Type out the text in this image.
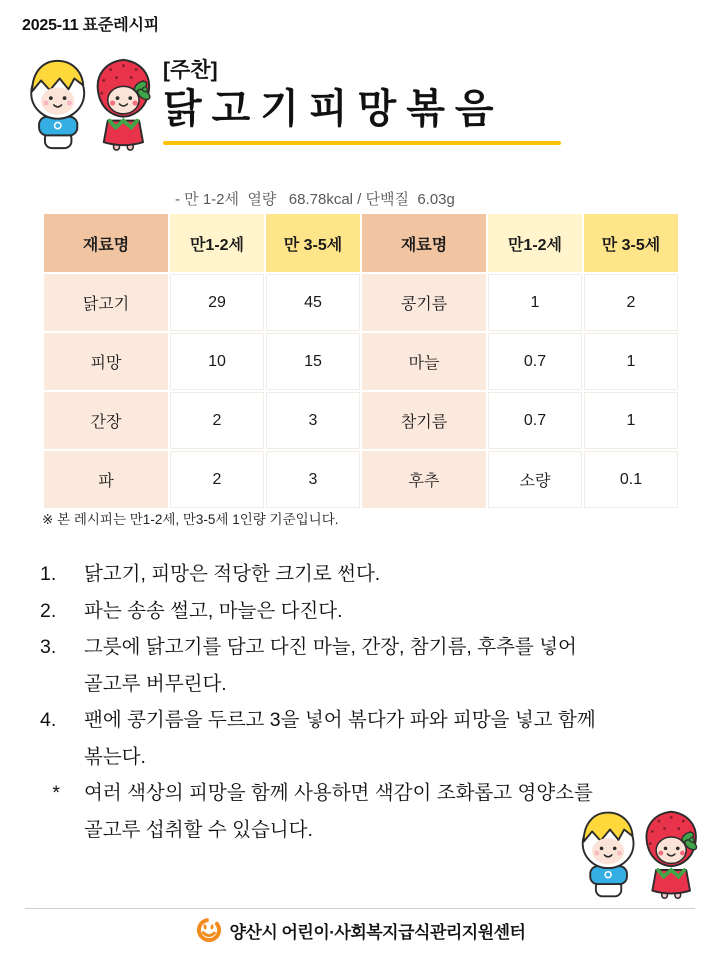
2025-11 표준레시피
[주찬]
닭고기피망볶음

- 만 1-2세  열량   68.78kcal / 단백질  6.03g

재료명	만1-2세	만 3-5세	재료명	만1-2세	만 3-5세
닭고기	29	45	콩기름	1	2
피망	10	15	마늘	0.7	1
간장	2	3	참기름	0.7	1
파	2	3	후추	소량	0.1
※ 본 레시피는 만1-2세, 만3-5세 1인량 기준입니다.
1.	닭고기, 피망은 적당한 크기로 썬다.
2.	파는 송송 썰고, 마늘은 다진다.
3.	그릇에 닭고기를 담고 다진 마늘, 간장, 참기름, 후추를 넣어
골고루 버무린다.
4.	팬에 콩기름을 두르고 3을 넣어 볶다가 파와 피망을 넣고 함께
볶는다.
*	여러 색상의 피망을 함께 사용하면 색감이 조화롭고 영양소를
골고루 섭취할 수 있습니다.
양산시 어린이·사회복지급식관리지원센터
